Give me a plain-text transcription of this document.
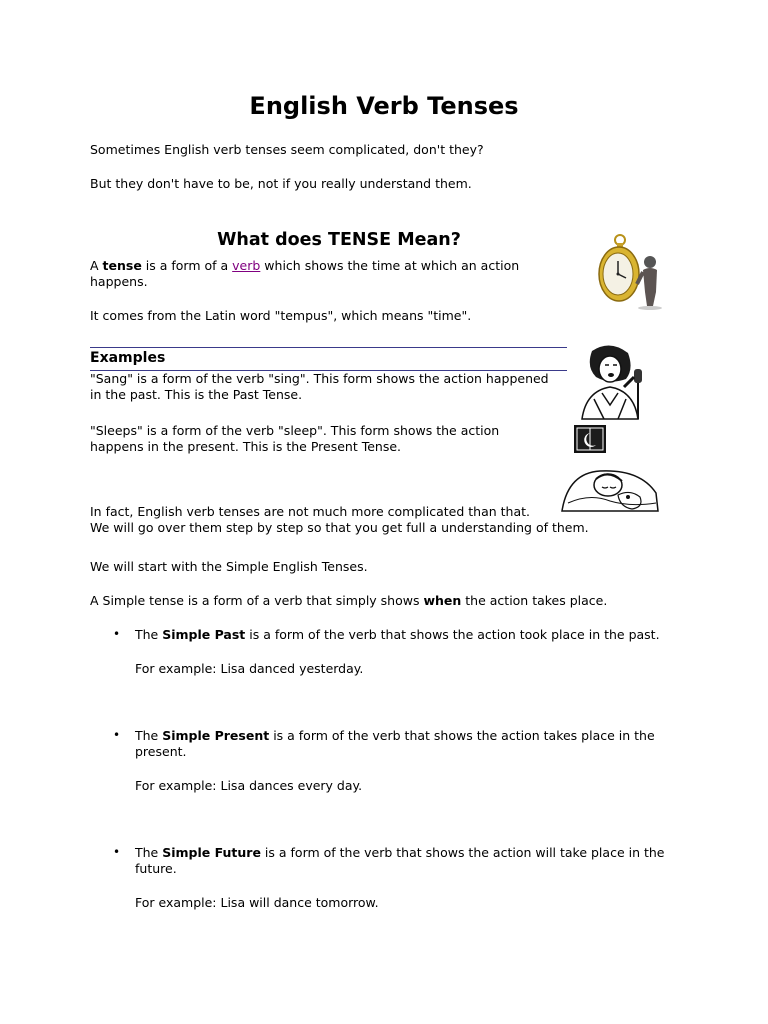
English Verb Tenses

Sometimes English verb tenses seem complicated, don't they?

But they don't have to be, not if you really understand them.

What does TENSE Mean?

A tense is a form of a verb which shows the time at which an action
happens.

It comes from the Latin word "tempus", which means "time".

Examples

"Sang" is a form of the verb "sing". This form shows the action happened
in the past. This is the Past Tense.

"Sleeps" is a form of the verb "sleep". This form shows the action
happens in the present. This is the Present Tense.

In fact, English verb tenses are not much more complicated than that.
We will go over them step by step so that you get full a understanding of them.

We will start with the Simple English Tenses.

A Simple tense is a form of a verb that simply shows when the action takes place.

• The Simple Past is a form of the verb that shows the action took place in the past.

For example: Lisa danced yesterday.

• The Simple Present is a form of the verb that shows the action takes place in the
present.

For example: Lisa dances every day.

• The Simple Future is a form of the verb that shows the action will take place in the
future.

For example: Lisa will dance tomorrow.
